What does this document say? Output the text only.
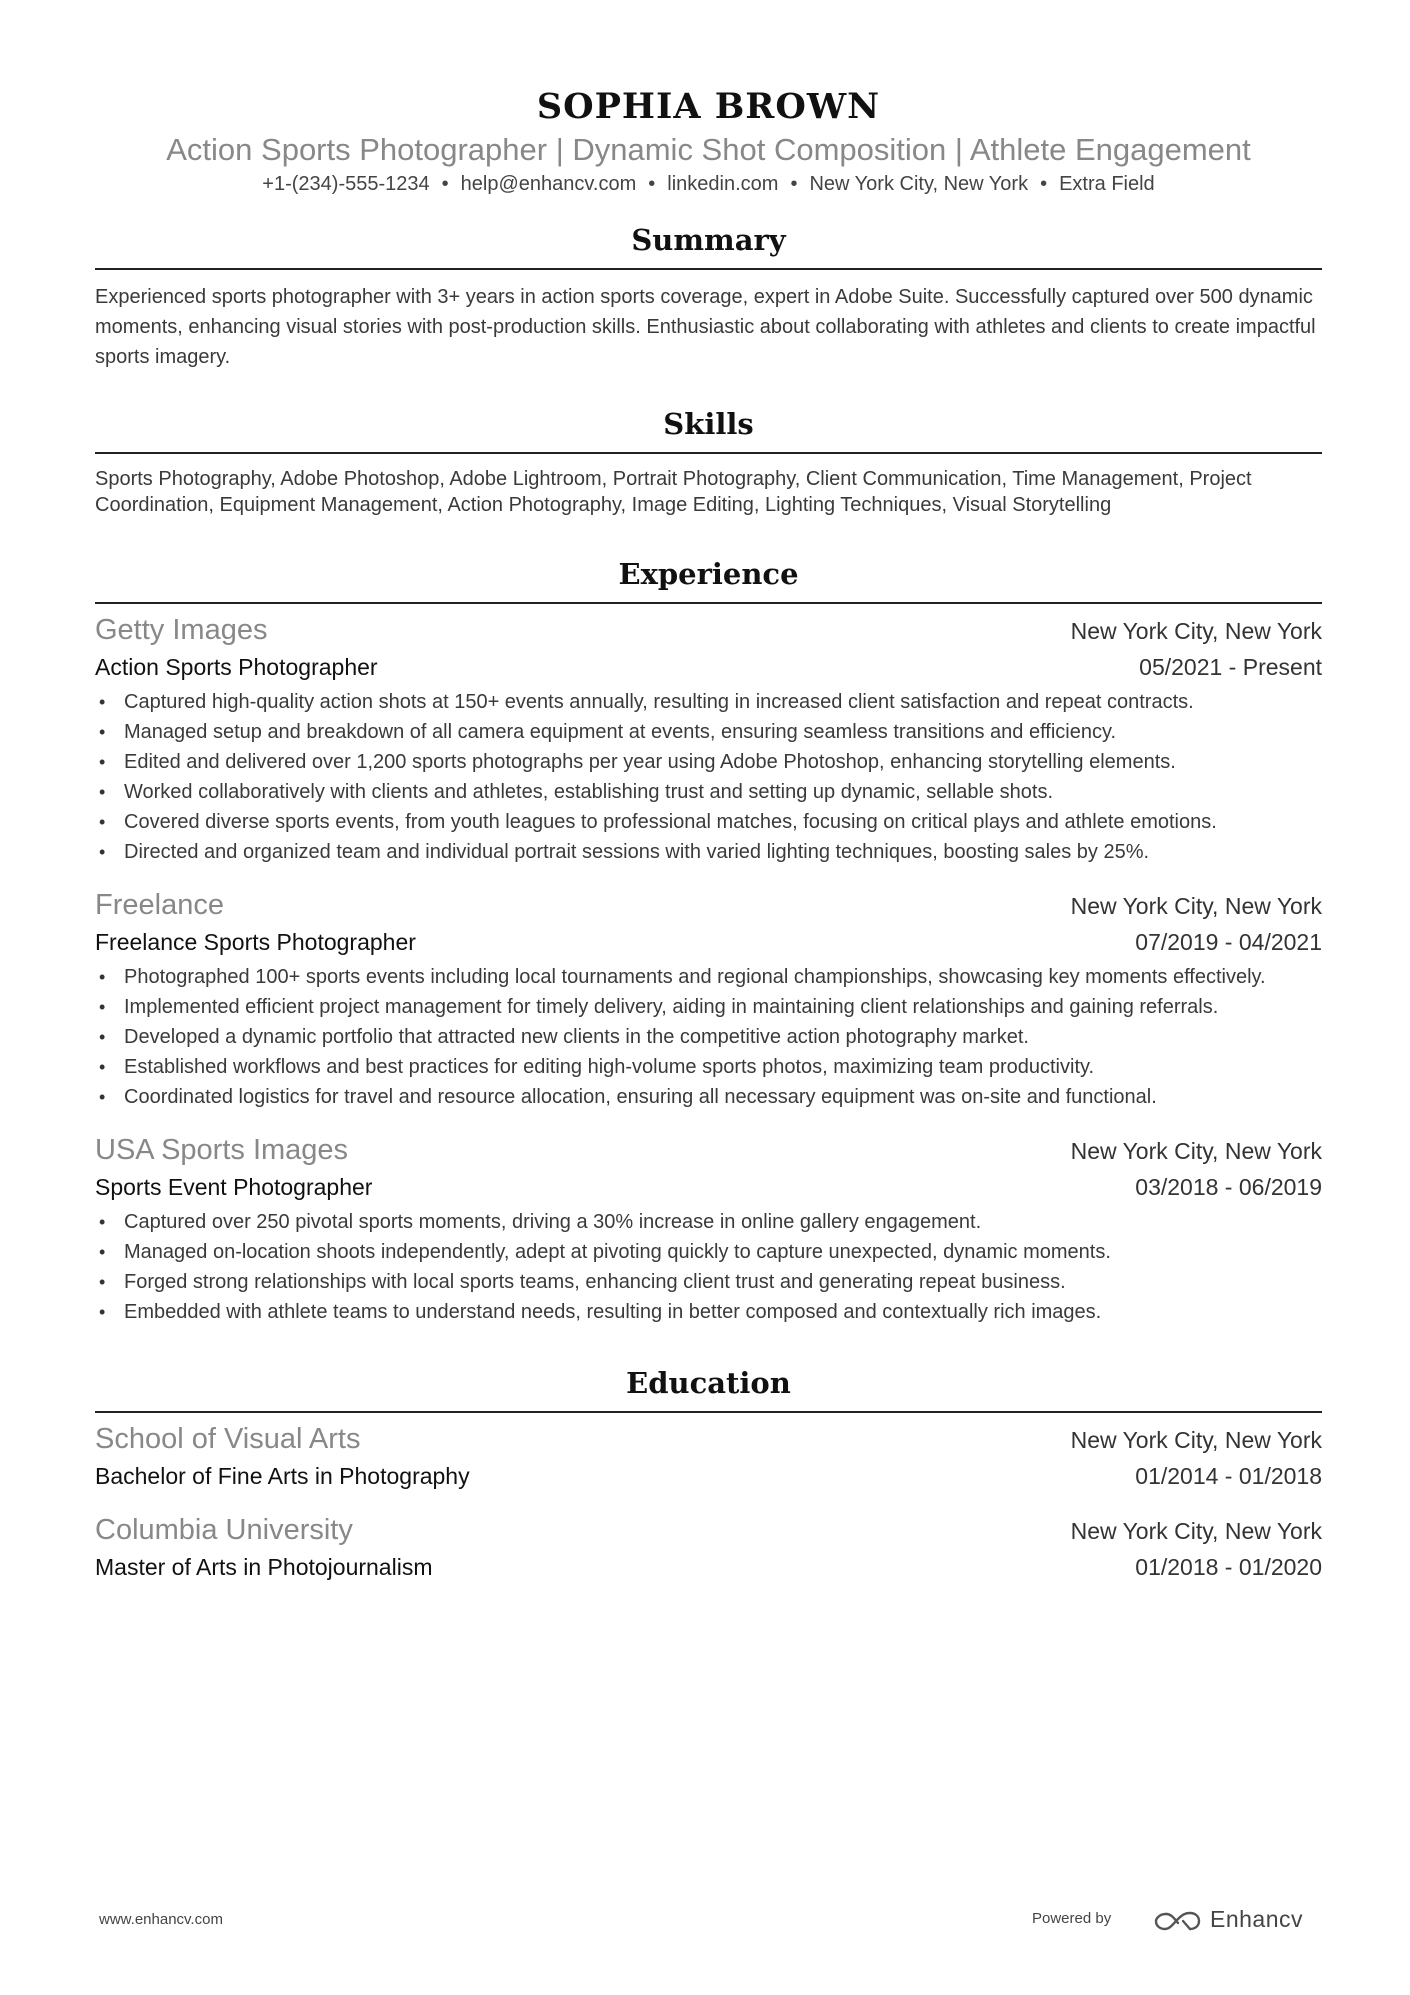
SOPHIA BROWN
Action Sports Photographer | Dynamic Shot Composition | Athlete Engagement
+1-(234)-555-1234 • help@enhancv.com • linkedin.com • New York City, New York • Extra Field
Summary
Experienced sports photographer with 3+ years in action sports coverage, expert in Adobe Suite. Successfully captured over 500 dynamic moments, enhancing visual stories with post-production skills. Enthusiastic about collaborating with athletes and clients to create impactful sports imagery.
Skills
Sports Photography, Adobe Photoshop, Adobe Lightroom, Portrait Photography, Client Communication, Time Management, Project Coordination, Equipment Management, Action Photography, Image Editing, Lighting Techniques, Visual Storytelling
Experience
Getty Images	New York City, New York
Action Sports Photographer	05/2021 - Present
• Captured high-quality action shots at 150+ events annually, resulting in increased client satisfaction and repeat contracts.
• Managed setup and breakdown of all camera equipment at events, ensuring seamless transitions and efficiency.
• Edited and delivered over 1,200 sports photographs per year using Adobe Photoshop, enhancing storytelling elements.
• Worked collaboratively with clients and athletes, establishing trust and setting up dynamic, sellable shots.
• Covered diverse sports events, from youth leagues to professional matches, focusing on critical plays and athlete emotions.
• Directed and organized team and individual portrait sessions with varied lighting techniques, boosting sales by 25%.
Freelance	New York City, New York
Freelance Sports Photographer	07/2019 - 04/2021
• Photographed 100+ sports events including local tournaments and regional championships, showcasing key moments effectively.
• Implemented efficient project management for timely delivery, aiding in maintaining client relationships and gaining referrals.
• Developed a dynamic portfolio that attracted new clients in the competitive action photography market.
• Established workflows and best practices for editing high-volume sports photos, maximizing team productivity.
• Coordinated logistics for travel and resource allocation, ensuring all necessary equipment was on-site and functional.
USA Sports Images	New York City, New York
Sports Event Photographer	03/2018 - 06/2019
• Captured over 250 pivotal sports moments, driving a 30% increase in online gallery engagement.
• Managed on-location shoots independently, adept at pivoting quickly to capture unexpected, dynamic moments.
• Forged strong relationships with local sports teams, enhancing client trust and generating repeat business.
• Embedded with athlete teams to understand needs, resulting in better composed and contextually rich images.
Education
School of Visual Arts	New York City, New York
Bachelor of Fine Arts in Photography	01/2014 - 01/2018
Columbia University	New York City, New York
Master of Arts in Photojournalism	01/2018 - 01/2020
www.enhancv.com	Powered by	Enhancv
